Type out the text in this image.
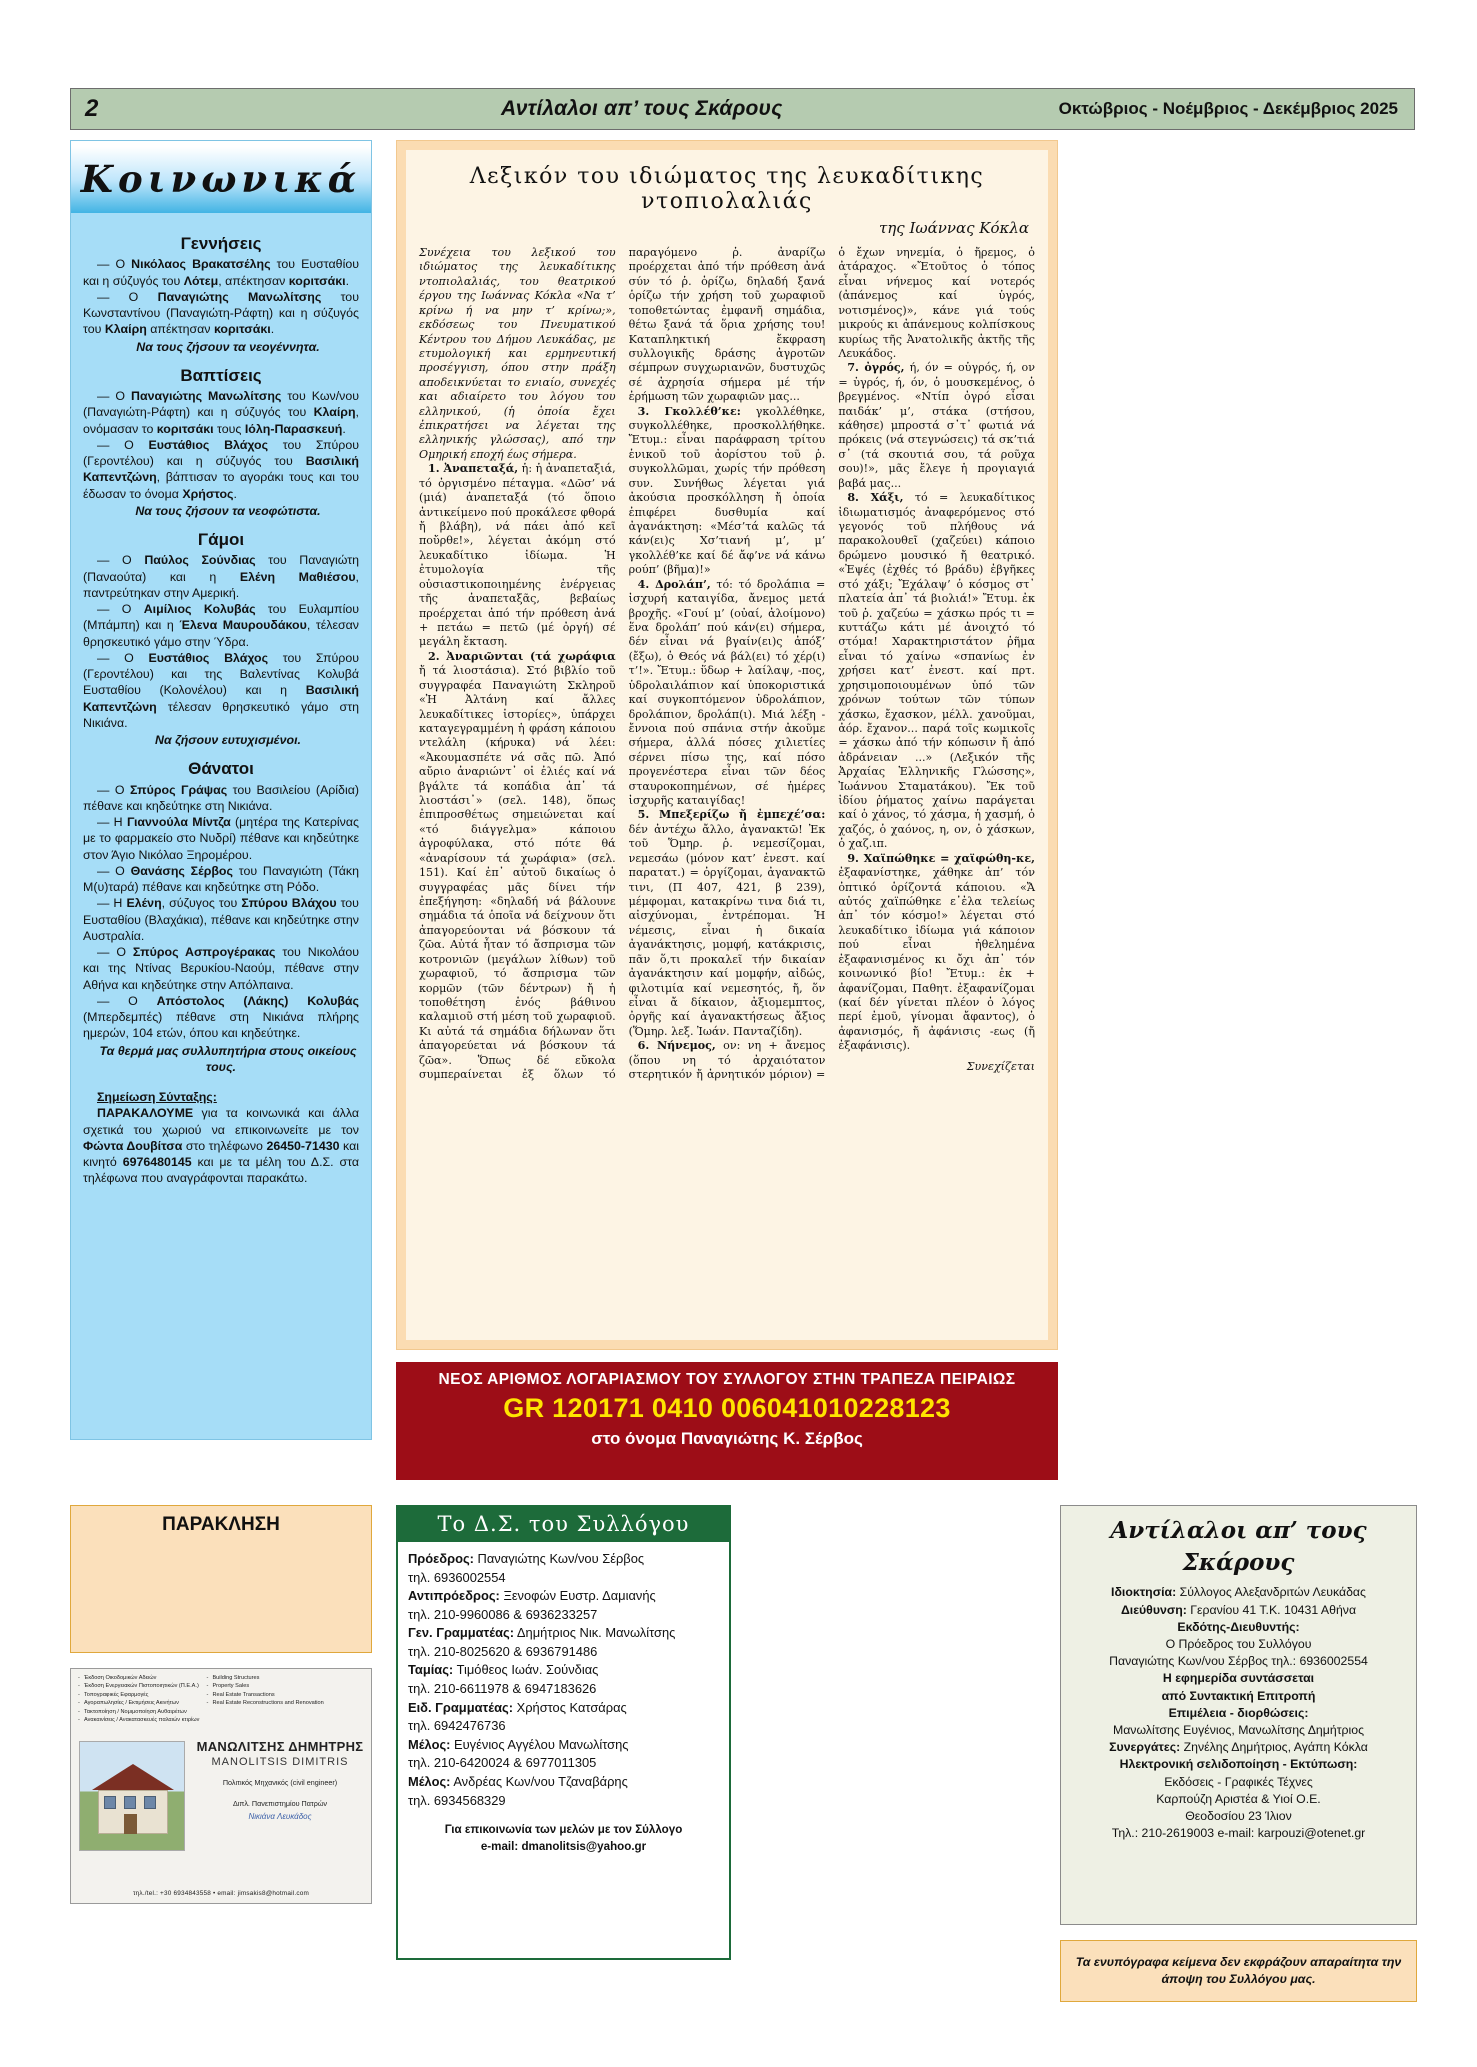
2	Αντίλαλοι απ’ τους Σκάρους	Οκτώβριος - Νοέμβριος - Δεκέμβριος 2025
Κοινωνικά
Γεννήσεις

— Ο Νικόλαος Βρακατσέλης του Ευσταθίου και η σύζυγός του Λότεμ, απέκτησαν κοριτσάκι.

— Ο Παναγιώτης Μανωλίτσης του Κωνσταντίνου (Παναγιώτη-Ράφτη) και η σύζυγός του Κλαίρη απέκτησαν κοριτσάκι.

Να τους ζήσουν τα νεογέννητα.

Βαπτίσεις

— Ο Παναγιώτης Μανωλίτσης του Κων/νου (Παναγιώτη-Ράφτη) και η σύζυγός του Κλαίρη, ονόμασαν το κοριτσάκι τους Ιόλη-Παρασκευή.

— Ο Ευστάθιος Βλάχος του Σπύρου (Γεροντέλου) και η σύζυγός του Βασιλική Καπεντζώνη, βάπτισαν το αγοράκι τους και του έδωσαν το όνομα Χρήστος.

Να τους ζήσουν τα νεοφώτιστα.

Γάμοι

— Ο Παύλος Σούνδιας του Παναγιώτη (Παναούτα) και η Ελένη Μαθιέσου, παντρεύτηκαν στην Αμερική.

— Ο Αιμίλιος Κολυβάς του Ευλαμπίου (Μπάμπη) και η Έλενα Μαυρουδάκου, τέλεσαν θρησκευτικό γάμο στην Ύδρα.

— Ο Ευστάθιος Βλάχος του Σπύρου (Γεροντέλου) και της Βαλεντίνας Κολυβά Ευσταθίου (Κολονέλου) και η Βασιλική Καπεντζώνη τέλεσαν θρησκευτικό γάμο στη Νικιάνα.

Να ζήσουν ευτυχισμένοι.

Θάνατοι

— Ο Σπύρος Γράψας του Βασιλείου (Αρίδια) πέθανε και κηδεύτηκε στη Νικιάνα.

— Η Γιαννούλα Μίντζα (μητέρα της Κατερίνας με το φαρμακείο στο Νυδρί) πέθανε και κηδεύτηκε στον Άγιο Νικόλαο Ξηρομέρου.

— Ο Θανάσης Σέρβος του Παναγιώτη (Τάκη Μ(υ)ταρά) πέθανε και κηδεύτηκε στη Ρόδο.

— Η Ελένη, σύζυγος του Σπύρου Βλάχου του Ευσταθίου (Βλαχάκια), πέθανε και κηδεύτηκε στην Αυστραλία.

— Ο Σπύρος Ασπρογέρακας του Νικολάου και της Ντίνας Βερυκίου-Ναούμ, πέθανε στην Αθήνα και κηδεύτηκε στην Απόλπαινα.

— Ο Απόστολος (Λάκης) Κολυβάς (Μπερδεμπές) πέθανε στη Νικιάνα πλήρης ημερών, 104 ετών, όπου και κηδεύτηκε.

Τα θερμά μας συλλυπητήρια στους οικείους τους.

Σημείωση Σύνταξης:

ΠΑΡΑΚΑΛΟΥΜΕ για τα κοινωνικά και άλλα σχετικά του χωριού να επικοινωνείτε με τον Φώντα Δουβίτσα στο τηλέφωνο 26450-71430 και κινητό 6976480145 και με τα μέλη του Δ.Σ. στα τηλέφωνα που αναγράφονται παρακάτω.

Λεξικόν του ιδιώματος της λευκαδίτικης ντοπιολαλιάς
της Ιωάννας Κόκλα

Συνέχεια του λεξικού του ιδιώματος της λευκαδίτικης ντοπιολαλιάς, του θεατρικού έργου της Ιωάννας Κόκλα «Να τ’ κρίνω ή να μην τ’ κρίνω;», εκδόσεως του Πνευματικού Κέντρου του Δήμου Λευκάδας, με ετυμολογική και ερμηνευτική προσέγγιση, όπου στην πράξη αποδεικνύεται το ενιαίο, συνεχές και αδιαίρετο του λόγου του ελληνικού, (ἡ ὁποία ἔχει ἐπικρατήσει να λέγεται της ελληνικής γλώσσας), από την Ομηρική εποχή έως σήμερα.

1. Ἀναπεταξά, ἡ: ἡ ἀναπεταξιά, τό ὀργισμένο πέταγμα. «Δῶσ’ νά (μιά) ἀναπεταξά (τό ὅποιο ἀντικείμενο πού προκάλεσε φθορά ἤ βλάβη), νά πάει ἀπό κεῖ ποὔρθε!», λέγεται ἀκόμη στό λευκαδίτικο ἰδίωμα. Ἡ ἐτυμολογία τῆς οὐσιαστικοποιημένης ἐνέργειας τῆς ἀναπεταξᾶς, βεβαίως προέρχεται ἀπό τήν πρόθεση ἀνά + πετάω = πετῶ (μέ ὀργή) σέ μεγάλη ἔκταση.

2. Ἀναριῶνται (τά χωράφια ἤ τά λιοστάσια). Στό βιβλίο τοῦ συγγραφέα Παναγιώτη Σκληροῦ «Ἡ Ἀλτάνη καί ἄλλες λευκαδίτικες ἱστορίες», ὑπάρχει καταγεγραμμένη ἡ φράση κάποιου ντελάλη (κήρυκα) νά λέει: «Ἀκουμασπέτε νά σᾶς πῶ. Ἀπό αὔριο ἀναριώντ᾽ οἱ ἐλιές καί νά βγάλτε τά κοπάδια ἀπ᾽ τά λιοστάσι᾽» (σελ. 148), ὅπως ἐπιπροσθέτως σημειώνεται καί «τό διάγγελμα» κάποιου ἀγροφύλακα, στό πότε θά «ἀναρίσουν τά χωράφια» (σελ. 151). Καί ἐπ᾽ αὐτοῦ δικαίως ὁ συγγραφέας μᾶς δίνει τήν ἐπεξήγηση: «δηλαδή νά βάλουνε σημάδια τά ὁποῖα νά δείχνουν ὅτι ἀπαγορεύονται νά βόσκουν τά ζῶα. Αὐτά ἦταν τό ἄσπρισμα τῶν κοτρονιῶν (μεγάλων λίθων) τοῦ χωραφιοῦ, τό ἄσπρισμα τῶν κορμῶν (τῶν δέντρων) ἤ ἡ τοποθέτηση ἑνός βάθινου καλαμιοῦ στή μέση τοῦ χωραφιοῦ. Κι αὐτά τά σημάδια δήλωναν ὅτι ἀπαγορεύεται νά βόσκουν τά ζῶα». Ὅπως δέ εὔκολα συμπεραίνεται ἐξ ὅλων τό παραγόμενο ῥ. ἀναρίζω προέρχεται ἀπό τήν πρόθεση ἀνά σύν τό ῥ. ὁρίζω, δηλαδή ξανά ὁρίζω τήν χρήση τοῦ χωραφιοῦ τοποθετώντας ἐμφανῆ σημάδια, θέτω ξανά τά ὅρια χρήσης του! Καταπληκτική ἔκφραση συλλογικῆς δράσης ἀγροτῶν σέμπρων συγχωριανῶν, δυστυχῶς σέ ἀχρησία σήμερα μέ τήν ἐρήμωση τῶν χωραφιῶν μας...

3. Γκολλέθ’κε: γκολλέθηκε, συγκολλέθηκε, προσκολλήθηκε. Ἔτυμ.: εἶναι παράφραση τρίτου ἑνικοῦ τοῦ ἀορίστου τοῦ ῥ. συγκολλῶμαι, χωρίς τήν πρόθεση συν. Συνήθως λέγεται γιά ἀκούσια προσκόλληση ἤ ὁποία ἐπιφέρει δυσθυμία καί ἀγανάκτηση: «Μέσ’τά καλῶς τά κάν(ει)ς Χσ’τιανή μ’, μ’ γκολλέθ’κε καί δέ ἄφ’νε νά κάνω ρούπ’ (βῆμα)!»

4. Δρολάπ’, τό: τό δρολάπια = ἰσχυρή καταιγίδα, ἄνεμος μετά βροχῆς. «Γουί μ’ (οὐαί, ἀλοίμονο) ἕνα δρολάπ’ πού κάν(ει) σήμερα, δέν εἶναι νά βγαίν(ει)ς ἀπόξ’ (ἔξω), ὁ Θεός νά βάλ(ει) τό χέρ(ι) τ’!». Ἔτυμ.: ὕδωρ + λαίλαψ, -πος, ὑδρολαιλάπιον καί ὑποκοριστικά καί συγκοπτόμενον ὑδρολάπιον, δρολάπιον, δρολάπ(ι). Μιά λέξη - ἔννοια πού σπάνια στήν ἀκοῦμε σήμερα, ἀλλά πόσες χιλιετίες σέρνει πίσω της, καί πόσο προγενέστερα εἶναι τῶν δέος σταυροκοπημένων, σέ ἡμέρες ἰσχυρῆς καταιγίδας!

5. Μπεξερίζω ἤ ἐμπεχέ’σα: δέν ἀντέχω ἄλλο, ἀγανακτῶ! Ἐκ τοῦ Ὅμηρ. ῥ. νεμεσίζομαι, νεμεσάω (μόνον κατ’ ἐνεστ. καί παρατατ.) = ὀργίζομαι, ἀγανακτῶ τινι, (Π 407, 421, β 239), μέμφομαι, κατακρίνω τινα διά τι, αἰσχύνομαι, ἐντρέπομαι. Ἡ νέμεσις, εἶναι ἡ δικαία ἀγανάκτησις, μομφή, κατάκρισις, πᾶν ὅ,τι προκαλεῖ τήν δικαίαν ἀγανάκτησιν καί μομφήν, αἰδώς, φιλοτιμία καί νεμεσητός, ἤ, ὅν εἶναι ἄ δίκαιον, ἀξιομεμπτος, ὀργῆς καί ἀγανακτήσεως ἄξιος (Ὅμηρ. λεξ. Ἰωάν. Πανταζίδη).

6. Νήνεμος, ον: νη + ἄνεμος (ὅπου νη τό ἀρχαιότατον στερητικόν ἤ ἀρνητικόν μόριον) = ὁ ἔχων νηνεμία, ὁ ἤρεμος, ὁ ἀτάραχος. «Ἔτοῦτος ὁ τόπος εἶναι νήνεμος καί νοτερός (ἀπάνεμος καί ὑγρός, νοτισμένος)», κάνε γιά τούς μικρούς κι ἀπάνεμους κολπίσκους κυρίως τῆς Ἀνατολικῆς ἀκτῆς τῆς Λευκάδος.

7. ὀγρός, ή, όν = οὑγρός, ή, ον = ὑγρός, ή, όν, ὁ μουσκεμένος, ὁ βρεγμένος. «Ντίπ ὀγρό εἶσαι παιδάκ’ μ’, στάκα (στήσου, κάθησε) μπροστά σ᾽τ᾽ φωτιά νά πρόκεις (νά στεγνώσεις) τά σκ’τιά σ᾽ (τά σκουτιά σου, τά ροῦχα σου)!», μᾶς ἔλεγε ἡ προγιαγιά βαβά μας...

8. Χάξι, τό = λευκαδίτικος ἰδιωματισμός ἀναφερόμενος στό γεγονός τοῦ πλήθους νά παρακολουθεῖ (χαζεύει) κάποιο δρώμενο μουσικό ἤ θεατρικό. «Ἐψές (ἐχθές τό βράδυ) ἐβγῆκες στό χάξι; Ἔχάλαψ’ ὁ κόσμος στ᾽ πλατεία ἀπ᾽ τά βιολιά!» Ἔτυμ. ἐκ τοῦ ῥ. χαζεύω = χάσκω πρός τι = κυττάζω κάτι μέ ἀνοιχτό τό στόμα! Χαρακτηριστάτον ῥῆμα εἶναι τό χαίνω «σπανίως ἐν χρήσει κατ’ ἐνεστ. καί πρτ. χρησιμοποιουμένων ὑπό τῶν χρόνων τούτων τῶν τύπων χάσκω, ἔχασκον, μέλλ. χανοῦμαι, ἀόρ. ἔχανον... παρά τοῖς κωμικοῖς = χάσκω ἀπό τήν κόπωσιν ἤ ἀπό ἀδράνειαν ...» (Λεξικόν τῆς Ἀρχαίας Ἑλληνικῆς Γλώσσης», Ἰωάννου Σταματάκου). Ἔκ τοῦ ἰδίου ῥήματος χαίνω παράγεται καί ὁ χάνος, τό χάσμα, ἡ χασμή, ὁ χαζός, ὁ χαόνος, η, ον, ὁ χάσκων, ὁ χαζ.ιπ.

9. Χαϊπώθηκε = χαϊφώθη-κε, ἐξαφανίστηκε, χάθηκε ἀπ’ τόν ὀπτικό ὁρίζοντά κάποιου. «Ἄ αὐτός χαϊπώθηκε ε᾽ἐλα τελείως ἀπ᾽ τόν κόσμο!» λέγεται στό λευκαδίτικο ἰδίωμα γιά κάποιον πού εἶναι ἠθελημένα ἐξαφανισμένος κι ὄχι ἀπ᾽ τόν κοινωνικό βίο! Ἔτυμ.: ἐκ + ἀφανίζομαι, Παθητ. ἐξαφανίζομαι (καί δέν γίνεται πλέον ὁ λόγος περί ἐμοῦ, γίνομαι ἄφαντος), ὁ ἀφανισμός, ἤ ἀφάνισις -εως (ἤ ἐξαφάνισις).

Συνεχίζεται

ΝΕΟΣ ΑΡΙΘΜΟΣ ΛΟΓΑΡΙΑΣΜΟΥ ΤΟΥ ΣΥΛΛΟΓΟΥ ΣΤΗΝ ΤΡΑΠΕΖΑ ΠΕΙΡΑΙΩΣ
GR 120171 0410 006041010228123
στο όνομα Παναγιώτης Κ. Σέρβος
ΠΑΡΑΚΛΗΣΗ

- Έκδοση Οικοδομικών Αδειών
- Έκδοση Ενεργειακών Πιστοποιητικών (Π.Ε.Α.)
- Τοπογραφικές Εφαρμογές
- Αγοραπωλησίες / Εκτιμήσεις Ακινήτων
- Τακτοποίηση / Νομιμοποίηση Αυθαιρέτων
- Ανακαινίσεις / Ανακατασκευές παλαιών κτιρίων
- Building Structures
- Property Sales
- Real Estate Transactions
- Real Estate Reconstructions and Renovation
ΜΑΝΩΛΙΤΣΗΣ ΔΗΜΗΤΡΗΣ
MANOLITSIS DIMITRIS
Πολιτικός Μηχανικός (civil engineer)
Διπλ. Πανεπιστημίου Πατρών
Νικιάνα Λευκάδος
τηλ./tel.: +30 6934843558 • email: jimsakis8@hotmail.com
Το Δ.Σ. του Συλλόγου
Πρόεδρος: Παναγιώτης Κων/νου Σέρβος
τηλ. 6936002554
Αντιπρόεδρος: Ξενοφών Ευστρ. Δαμιανής
τηλ. 210-9960086 & 6936233257
Γεν. Γραμματέας: Δημήτριος Νικ. Μανωλίτσης
τηλ. 210-8025620 & 6936791486
Ταμίας: Τιμόθεος Ιωάν. Σούνδιας
τηλ. 210-6611978 & 6947183626
Ειδ. Γραμματέας: Χρήστος Κατσάρας
τηλ. 6942476736
Μέλος: Ευγένιος Αγγέλου Μανωλίτσης
τηλ. 210-6420024 & 6977011305
Μέλος: Ανδρέας Κων/νου Τζαναβάρης
τηλ. 6934568329
Για επικοινωνία των μελών με τον Σύλλογο
e-mail: dmanolitsis@yahoo.gr
Αντίλαλοι απ’ τους Σκάρους
Ιδιοκτησία: Σύλλογος Αλεξανδριτών Λευκάδας
Διεύθυνση: Γερανίου 41 Τ.Κ. 10431 Αθήνα
Εκδότης-Διευθυντής:
Ο Πρόεδρος του Συλλόγου
Παναγιώτης Κων/νου Σέρβος τηλ.: 6936002554
Η εφημερίδα συντάσσεται
από Συντακτική Επιτροπή
Επιμέλεια - διορθώσεις:
Μανωλίτσης Ευγένιος, Μανωλίτσης Δημήτριος
Συνεργάτες: Ζηνέλης Δημήτριος, Αγάπη Κόκλα
Ηλεκτρονική σελιδοποίηση - Εκτύπωση:
Εκδόσεις - Γραφικές Τέχνες
Καρπούζη Αριστέα & Υιοί Ο.Ε.
Θεοδοσίου 23 Ίλιον
Τηλ.: 210-2619003 e-mail: karpouzi@otenet.gr
Τα ενυπόγραφα κείμενα δεν εκφράζουν απαραίτητα την άποψη του Συλλόγου μας.
